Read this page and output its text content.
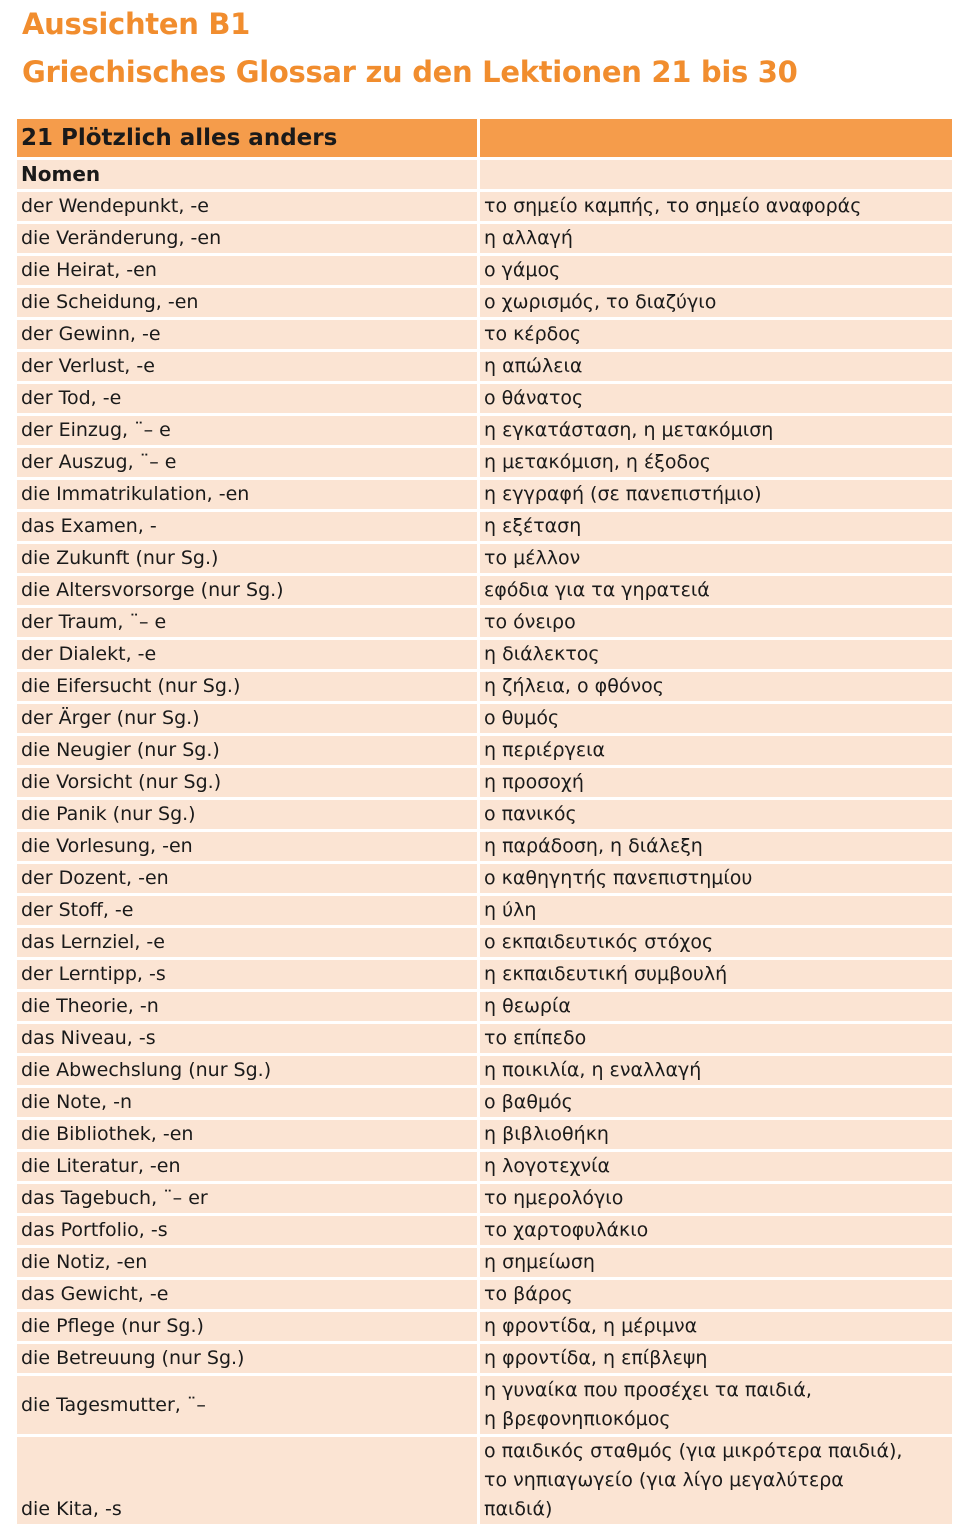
Aussichten B1
Griechisches Glossar zu den Lektionen 21 bis 30
21 Plötzlich alles anders	
Nomen	
der Wendepunkt, -e	το σημείο καμπής, το σημείο αναφοράς
die Veränderung, -en	η αλλαγή
die Heirat, -en	ο γάμος
die Scheidung, -en	ο χωρισμός, το διαζύγιο
der Gewinn, -e	το κέρδος
der Verlust, -e	η απώλεια
der Tod, -e	ο θάνατος
der Einzug, ¨– e	η εγκατάσταση, η μετακόμιση
der Auszug, ¨– e	η μετακόμιση, η έξοδος
die Immatrikulation, -en	η εγγραφή (σε πανεπιστήμιο)
das Examen, -	η εξέταση
die Zukunft (nur Sg.)	το μέλλον
die Altersvorsorge (nur Sg.)	εφόδια για τα γηρατειά
der Traum, ¨– e	το όνειρο
der Dialekt, -e	η διάλεκτος
die Eifersucht (nur Sg.)	η ζήλεια, ο φθόνος
der Ärger (nur Sg.)	ο θυμός
die Neugier (nur Sg.)	η περιέργεια
die Vorsicht (nur Sg.)	η προσοχή
die Panik (nur Sg.)	ο πανικός
die Vorlesung, -en	η παράδοση, η διάλεξη
der Dozent, -en	ο καθηγητής πανεπιστημίου
der Stoff, -e	η ύλη
das Lernziel, -e	ο εκπαιδευτικός στόχος
der Lerntipp, -s	η εκπαιδευτική συμβουλή
die Theorie, -n	η θεωρία
das Niveau, -s	το επίπεδο
die Abwechslung (nur Sg.)	η ποικιλία, η εναλλαγή
die Note, -n	ο βαθμός
die Bibliothek, -en	η βιβλιοθήκη
die Literatur, -en	η λογοτεχνία
das Tagebuch, ¨– er	το ημερολόγιο
das Portfolio, -s	το χαρτοφυλάκιο
die Notiz, -en	η σημείωση
das Gewicht, -e	το βάρος
die Pflege (nur Sg.)	η φροντίδα, η μέριμνα
die Betreuung (nur Sg.)	η φροντίδα, η επίβλεψη
die Tagesmutter, ¨–	η γυναίκα που προσέχει τα παιδιά,
η βρεφονηπιοκόμος

die Kita, -s	ο παιδικός σταθμός (για μικρότερα παιδιά),
το νηπιαγωγείο (για λίγο μεγαλύτερα
παιδιά)
